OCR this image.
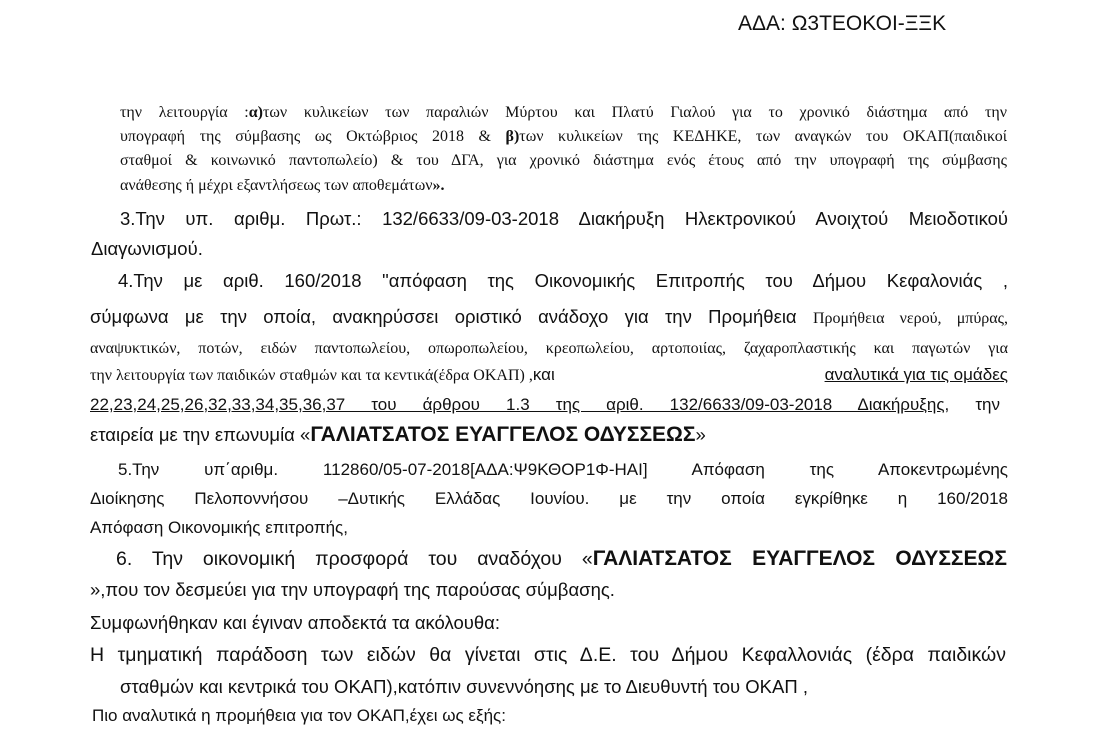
ΑΔΑ: Ω3ΤΕΟΚΟΙ-ΞΞΚ
την λειτουργία :α)των κυλικείων των παραλιών Μύρτου και Πλατύ Γιαλού για το χρονικό διάστημα από την
υπογραφή της σύμβασης ως Οκτώβριος 2018 & β)των κυλικείων της ΚΕΔΗΚΕ, των αναγκών του ΟΚΑΠ(παιδικοί
σταθμοί & κοινωνικό παντοπωλείο) & του ΔΓΑ, για χρονικό διάστημα ενός έτους από την υπογραφή της σύμβασης
ανάθεσης ή μέχρι εξαντλήσεως των αποθεμάτων».
3.Την υπ. αριθμ. Πρωτ.: 132/6633/09-03-2018 Διακήρυξη Ηλεκτρονικού Ανοιχτού Μειοδοτικού
Διαγωνισμού.
4.Την με αριθ. 160/2018 "απόφαση της Οικονομικής Επιτροπής του Δήμου Κεφαλονιάς ,
σύμφωνα με την οποία, ανακηρύσσει οριστικό ανάδοχο για την Προμήθεια Προμήθεια νερού, μπύρας,
αναψυκτικών, ποτών, ειδών παντοπωλείου, οπωροπωλείου, κρεοπωλείου, αρτοποιίας, ζαχαροπλαστικής και παγωτών για
την λειτουργία των παιδικών σταθμών και τα κεντικά(έδρα ΟΚΑΠ) ,και	αναλυτικά για τις ομάδες
22,23,24,25,26,32,33,34,35,36,37 του άρθρου 1.3 της αριθ. 132/6633/09-03-2018 Διακήρυξης, την
εταιρεία με την επωνυμία «ΓΑΛΙΑΤΣΑΤΟΣ ΕΥΑΓΓΕΛΟΣ ΟΔΥΣΣΕΩΣ»
5.Την υπ΄αριθμ. 112860/05-07-2018[ΑΔΑ:Ψ9ΚΘΟΡ1Φ-ΗΑΙ] Απόφαση της Αποκεντρωμένης
Διοίκησης Πελοποννήσου –Δυτικής Ελλάδας Ιουνίου. με την οποία εγκρίθηκε η 160/2018
Απόφαση Οικονομικής επιτροπής,
6. Την οικονομική προσφορά του αναδόχου «ΓΑΛΙΑΤΣΑΤΟΣ ΕΥΑΓΓΕΛΟΣ ΟΔΥΣΣΕΩΣ
»,που τον δεσμεύει για την υπογραφή της παρούσας σύμβασης.
Συμφωνήθηκαν και έγιναν αποδεκτά τα ακόλουθα:
Η τμηματική παράδοση των ειδών θα γίνεται στις Δ.Ε. του Δήμου Κεφαλλονιάς (έδρα παιδικών
σταθμών και κεντρικά του ΟΚΑΠ),κατόπιν συνεννόησης με το Διευθυντή του ΟΚΑΠ ,
Πιο αναλυτικά η προμήθεια για τον ΟΚΑΠ,έχει ως εξής:
